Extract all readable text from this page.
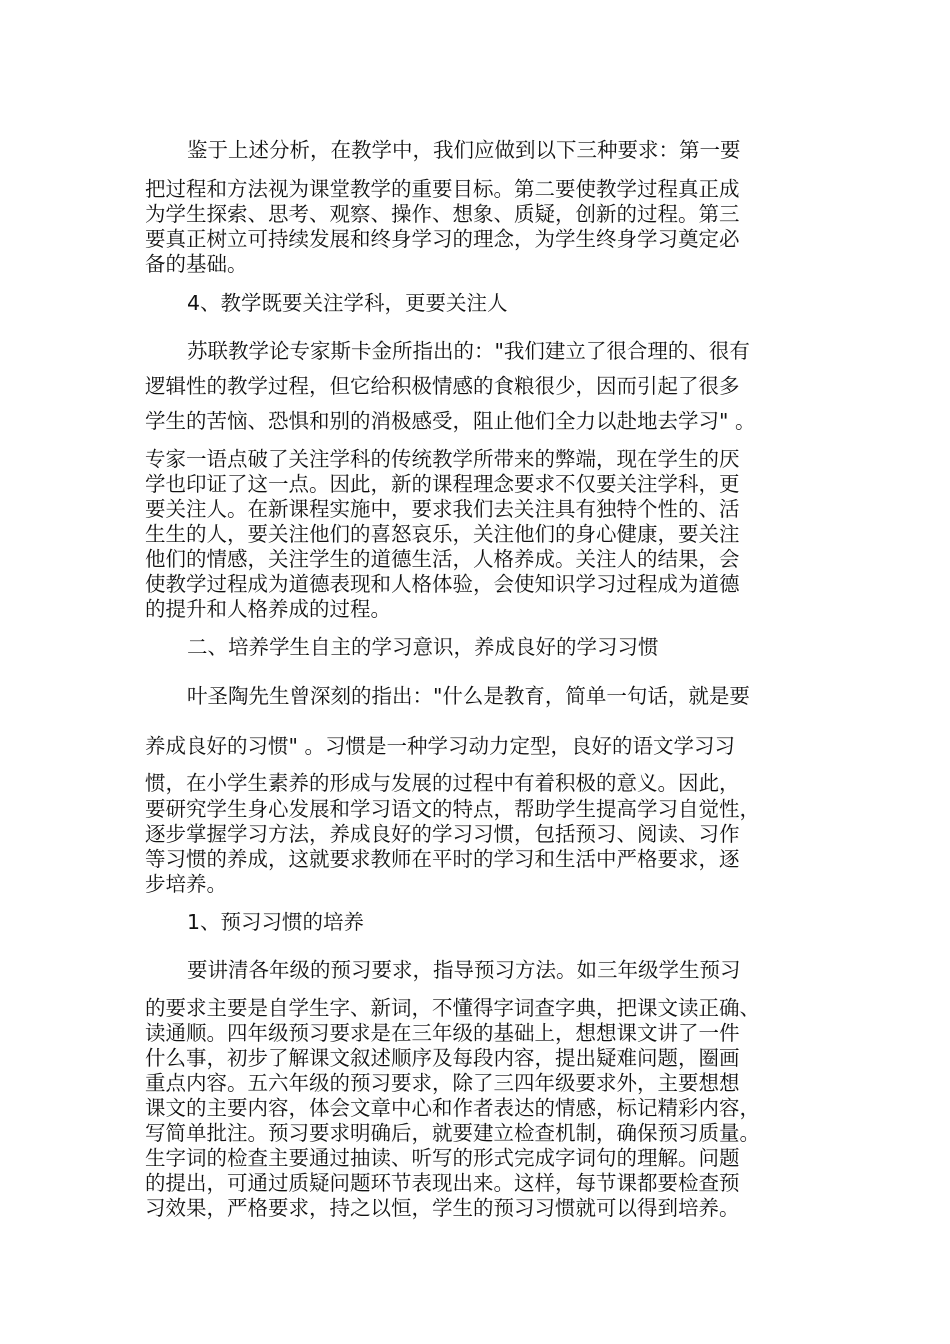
鉴于上述分析，在教学中，我们应做到以下三种要求：第一要
把过程和方法视为课堂教学的重要目标。第二要使教学过程真正成
为学生探索、思考、观察、操作、想象、质疑，创新的过程。第三
要真正树立可持续发展和终身学习的理念，为学生终身学习奠定必
备的基础。
4、教学既要关注学科，更要关注人
苏联教学论专家斯卡金所指出的："我们建立了很合理的、很有
逻辑性的教学过程，但它给积极情感的食粮很少，因而引起了很多
学生的苦恼、恐惧和别的消极感受，阻止他们全力以赴地去学习" 。
专家一语点破了关注学科的传统教学所带来的弊端，现在学生的厌
学也印证了这一点。因此，新的课程理念要求不仅要关注学科，更
要关注人。在新课程实施中，要求我们去关注具有独特个性的、活
生生的人，要关注他们的喜怒哀乐，关注他们的身心健康，要关注
他们的情感，关注学生的道德生活，人格养成。关注人的结果，会
使教学过程成为道德表现和人格体验，会使知识学习过程成为道德
的提升和人格养成的过程。
二、培养学生自主的学习意识，养成良好的学习习惯
叶圣陶先生曾深刻的指出："什么是教育，简单一句话，就是要
养成良好的习惯" 。习惯是一种学习动力定型，良好的语文学习习
惯，在小学生素养的形成与发展的过程中有着积极的意义。因此，
要研究学生身心发展和学习语文的特点，帮助学生提高学习自觉性，
逐步掌握学习方法，养成良好的学习习惯，包括预习、阅读、习作
等习惯的养成，这就要求教师在平时的学习和生活中严格要求，逐
步培养。
1、预习习惯的培养
要讲清各年级的预习要求，指导预习方法。如三年级学生预习
的要求主要是自学生字、新词，不懂得字词查字典，把课文读正确、
读通顺。四年级预习要求是在三年级的基础上，想想课文讲了一件
什么事，初步了解课文叙述顺序及每段内容，提出疑难问题，圈画
重点内容。五六年级的预习要求，除了三四年级要求外，主要想想
课文的主要内容，体会文章中心和作者表达的情感，标记精彩内容，
写简单批注。预习要求明确后，就要建立检查机制，确保预习质量。
生字词的检查主要通过抽读、听写的形式完成字词句的理解。问题
的提出，可通过质疑问题环节表现出来。这样，每节课都要检查预
习效果，严格要求，持之以恒，学生的预习习惯就可以得到培养。
